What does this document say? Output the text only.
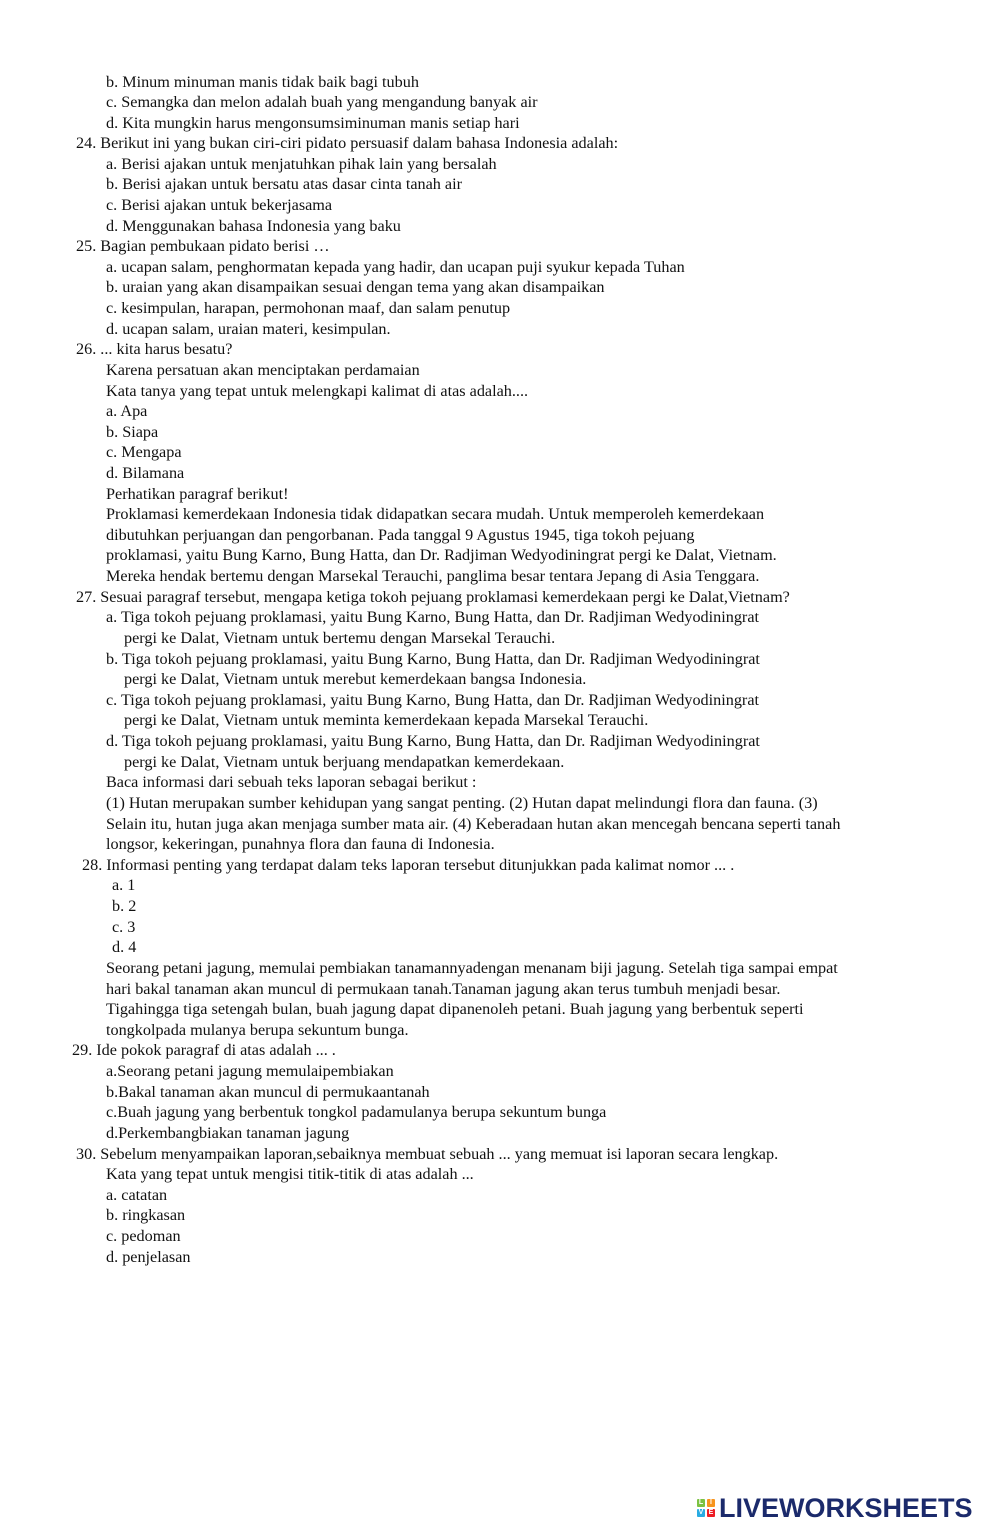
b. Minum minuman manis tidak baik bagi tubuh
c. Semangka dan melon adalah buah yang mengandung banyak air
d. Kita mungkin harus mengonsumsiminuman manis setiap hari
24. Berikut ini yang bukan ciri-ciri pidato persuasif dalam bahasa Indonesia adalah:
a. Berisi ajakan untuk menjatuhkan pihak lain yang bersalah
b. Berisi ajakan untuk bersatu atas dasar cinta tanah air
c. Berisi ajakan untuk bekerjasama
d. Menggunakan bahasa Indonesia yang baku
25. Bagian pembukaan pidato berisi …
a. ucapan salam, penghormatan kepada yang hadir, dan ucapan puji syukur kepada Tuhan
b. uraian yang akan disampaikan sesuai dengan tema yang akan disampaikan
c. kesimpulan, harapan, permohonan maaf, dan salam penutup
d. ucapan salam, uraian materi, kesimpulan.
26. ... kita harus besatu?
Karena persatuan akan menciptakan perdamaian
Kata tanya yang tepat untuk melengkapi kalimat di atas adalah....
a. Apa
b. Siapa
c. Mengapa
d. Bilamana
Perhatikan paragraf berikut!
Proklamasi kemerdekaan Indonesia tidak didapatkan secara mudah. Untuk memperoleh kemerdekaan
dibutuhkan perjuangan dan pengorbanan. Pada tanggal 9 Agustus 1945, tiga tokoh pejuang
proklamasi, yaitu Bung Karno, Bung Hatta, dan Dr. Radjiman Wedyodiningrat pergi ke Dalat, Vietnam.
Mereka hendak bertemu dengan Marsekal Terauchi, panglima besar tentara Jepang di Asia Tenggara.
27. Sesuai paragraf tersebut, mengapa ketiga tokoh pejuang proklamasi kemerdekaan pergi ke Dalat,Vietnam?
a. Tiga tokoh pejuang proklamasi, yaitu Bung Karno, Bung Hatta, dan Dr. Radjiman Wedyodiningrat
pergi ke Dalat, Vietnam untuk bertemu dengan Marsekal Terauchi.
b. Tiga tokoh pejuang proklamasi, yaitu Bung Karno, Bung Hatta, dan Dr. Radjiman Wedyodiningrat
pergi ke Dalat, Vietnam untuk merebut kemerdekaan bangsa Indonesia.
c. Tiga tokoh pejuang proklamasi, yaitu Bung Karno, Bung Hatta, dan Dr. Radjiman Wedyodiningrat
pergi ke Dalat, Vietnam untuk meminta kemerdekaan kepada Marsekal Terauchi.
d. Tiga tokoh pejuang proklamasi, yaitu Bung Karno, Bung Hatta, dan Dr. Radjiman Wedyodiningrat
pergi ke Dalat, Vietnam untuk berjuang mendapatkan kemerdekaan.
Baca informasi dari sebuah teks laporan sebagai berikut :
(1) Hutan merupakan sumber kehidupan yang sangat penting. (2) Hutan dapat melindungi flora dan fauna. (3)
Selain itu, hutan juga akan menjaga sumber mata air. (4) Keberadaan hutan akan mencegah bencana seperti tanah
longsor, kekeringan, punahnya flora dan fauna di Indonesia.
28. Informasi penting yang terdapat dalam teks laporan tersebut ditunjukkan pada kalimat nomor ... .
a. 1
b. 2
c. 3
d. 4
Seorang petani jagung, memulai pembiakan tanamannyadengan menanam biji jagung. Setelah tiga sampai empat
hari bakal tanaman akan muncul di permukaan tanah.Tanaman jagung akan terus tumbuh menjadi besar.
Tigahingga tiga setengah bulan, buah jagung dapat dipanenoleh petani. Buah jagung yang berbentuk seperti
tongkolpada mulanya berupa sekuntum bunga.
29. Ide pokok paragraf di atas adalah ... .
a.Seorang petani jagung memulaipembiakan
b.Bakal tanaman akan muncul di permukaantanah
c.Buah jagung yang berbentuk tongkol padamulanya berupa sekuntum bunga
d.Perkembangbiakan tanaman jagung
30. Sebelum menyampaikan laporan,sebaiknya membuat sebuah ... yang memuat isi laporan secara lengkap.
Kata yang tepat untuk mengisi titik-titik di atas adalah ...
a. catatan
b. ringkasan
c. pedoman
d. penjelasan
L I
V E LIVEWORKSHEETS
